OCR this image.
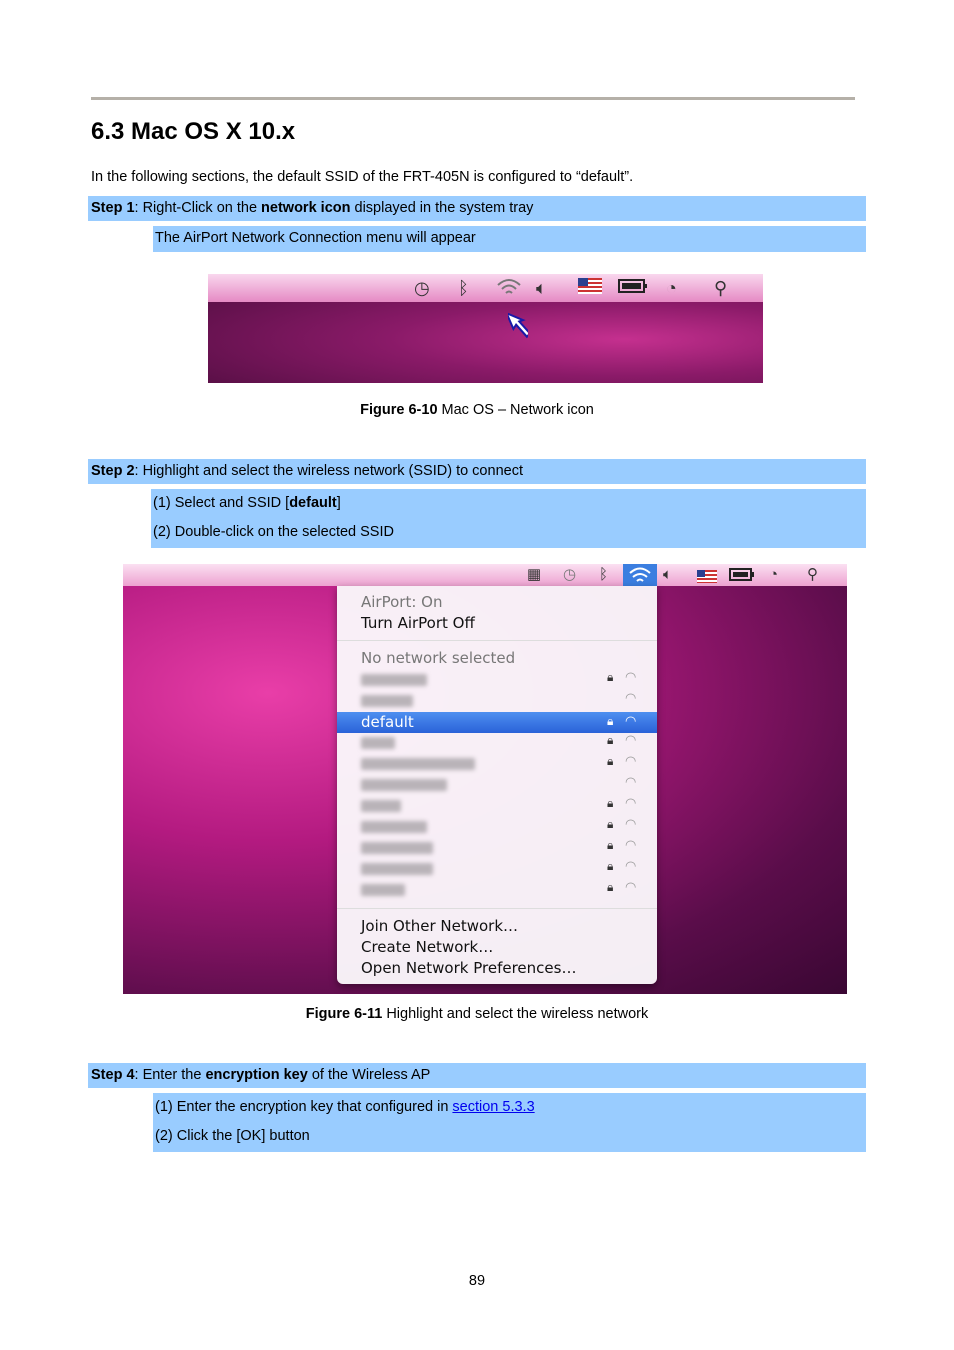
6.3 Mac OS X 10.x
In the following sections, the default SSID of the FRT-405N is configured to “default”.
Step 1: Right-Click on the network icon displayed in the system tray
The AirPort Network Connection menu will appear
◷ ᛒ	🔈︎	◔ ⚲
Figure 6-10 Mac OS – Network icon
Step 2: Highlight and select the wireless network (SSID) to connect
(1) Select and SSID [default]
(2) Double-click on the selected SSID
▦ ◷ ᛒ	🔈︎	◔ ⚲
AirPort: On
Turn AirPort Off
No network selected
🔒︎ ◠
◠
default	🔒︎ ◠
🔒︎ ◠
🔒︎ ◠
◠
🔒︎ ◠
🔒︎ ◠
🔒︎ ◠
🔒︎ ◠
🔒︎ ◠
Join Other Network…
Create Network…
Open Network Preferences…
Figure 6-11 Highlight and select the wireless network
Step 4: Enter the encryption key of the Wireless AP
(1) Enter the encryption key that configured in section 5.3.3
(2) Click the [OK] button
89
